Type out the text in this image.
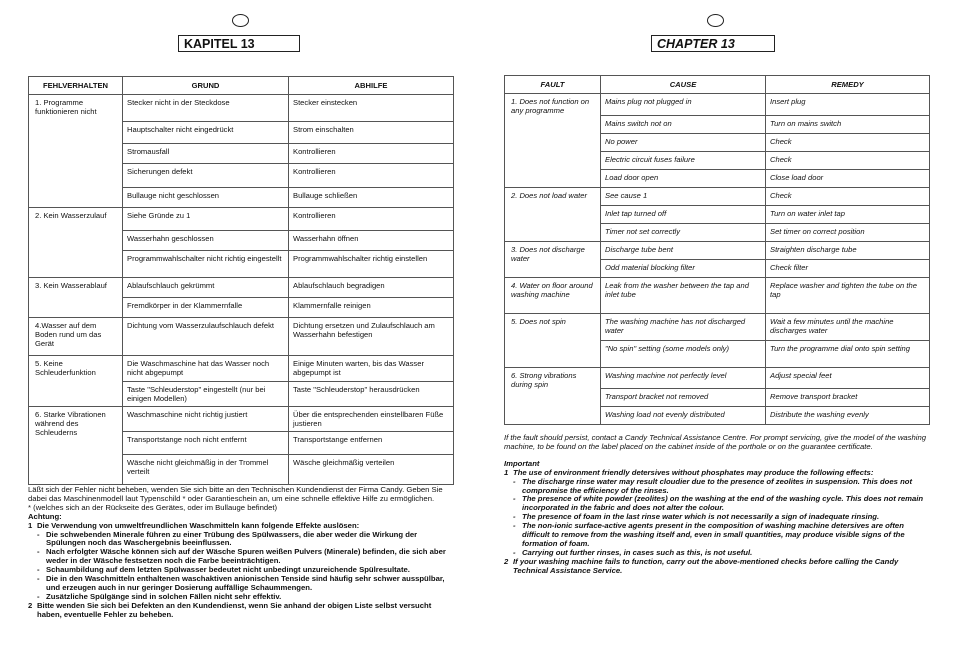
KAPITEL 13
FEHLVERHALTEN	GRUND	ABHILFE
1. Programme funktionieren nicht	Stecker nicht in der Steckdose	Stecker einstecken
	Hauptschalter nicht eingedrückt	Strom einschalten
	Stromausfall	Kontrollieren
	Sicherungen defekt	Kontrollieren
	Bullauge nicht geschlossen	Bullauge schließen
2. Kein Wasserzulauf	Siehe Gründe zu 1	Kontrollieren
	Wasserhahn geschlossen	Wasserhahn öffnen
	Programmwahlschalter nicht richtig eingestellt	Programmwahlschalter richtig einstellen
3. Kein Wasserablauf	Ablaufschlauch gekrümmt	Ablaufschlauch begradigen
	Fremdkörper in der Klammernfalle	Klammernfalle reinigen
4.Wasser auf dem Boden rund um das Gerät	Dichtung vom Wasserzulaufschlauch defekt	Dichtung ersetzen und Zulaufschlauch am Wasserhahn befestigen
5. Keine Schleuderfunktion	Die Waschmaschine hat das Wasser noch nicht abgepumpt	Einige Minuten warten, bis das Wasser abgepumpt ist
	Taste "Schleuderstop" eingestellt (nur bei einigen Modellen)	Taste "Schleuderstop" herausdrücken
6. Starke Vibrationen während des Schleuderns	Waschmaschine nicht richtig justiert	Über die entsprechenden einstellbaren Füße justieren
	Transportstange noch nicht entfernt	Transportstange entfernen
	Wäsche nicht gleichmäßig in der Trommel verteilt	Wäsche gleichmäßig verteilen

Läßt sich der Fehler nicht beheben, wenden Sie sich bitte an den Technischen Kundendienst der Firma Candy. Geben Sie dabei das Maschinenmodell laut Typenschild * oder Garantieschein an, um eine schnelle effektive Hilfe zu ermöglichen.

* (welches sich an der Rückseite des Gerätes, oder im Bullauge befindet)

Achtung:

1 Die Verwendung von umweltfreundlichen Waschmitteln kann folgende Effekte auslösen:
- Die schwebenden Minerale führen zu einer Trübung des Spülwassers, die aber weder die Wirkung der Spülungen noch das Waschergebnis beeinflussen.
- Nach erfolgter Wäsche können sich auf der Wäsche Spuren weißen Pulvers (Minerale) befinden, die sich aber weder in der Wäsche festsetzen noch die Farbe beeinträchtigen.
- Schaumbildung auf dem letzten Spülwasser bedeutet nicht unbedingt unzureichende Spülresultate.
- Die in den Waschmitteln enthaltenen waschaktiven anionischen Tenside sind häufig sehr schwer ausspülbar, und erzeugen auch in nur geringer Dosierung auffällige Schaummengen.
- Zusätzliche Spülgänge sind in solchen Fällen nicht sehr effektiv.
2 Bitte wenden Sie sich bei Defekten an den Kundendienst, wenn Sie anhand der obigen Liste selbst versucht haben, eventuelle Fehler zu beheben.
CHAPTER 13
FAULT	CAUSE	REMEDY
1. Does not function on any programme	Mains plug not plugged in	Insert plug
	Mains switch not on	Turn on mains switch
	No power	Check
	Electric circuit fuses failure	Check
	Load door open	Close load door
2. Does not load water	See cause 1	Check
	Inlet tap turned off	Turn on water inlet tap
	Timer not set correctly	Set timer on correct position
3. Does not discharge water	Discharge tube bent	Straighten discharge tube
	Odd material blocking filter	Check filter
4. Water on floor around washing machine	Leak from the washer between the tap and inlet tube	Replace washer and tighten the tube on the tap
5. Does not spin	The washing machine has not discharged water	Wait a few minutes until the machine discharges water
	"No spin" setting (some models only)	Turn the programme dial onto spin setting
6. Strong vibrations during spin	Washing machine not perfectly level	Adjust special feet
	Transport bracket not removed	Remove transport bracket
	Washing load not evenly distributed	Distribute the washing evenly

If the fault should persist, contact a Candy Technical Assistance Centre. For prompt servicing, give the model of the washing machine, to be found on the label placed on the cabinet inside of the porthole or on the guarantee certificate.

Important

1 The use of environment friendly detersives without phosphates may produce the following effects:
- The discharge rinse water may result cloudier due to the presence of zeolites in suspension. This does not compromise the efficiency of the rinses.
- The presence of white powder (zeolites) on the washing at the end of the washing cycle. This does not remain incorporated in the fabric and does not alter the colour.
- The presence of foam in the last rinse water which is not necessarily a sign of inadequate rinsing.
- The non-ionic surface-active agents present in the composition of washing machine detersives are often difficult to remove from the washing itself and, even in small quantities, may produce visible signs of the formation of foam.
- Carrying out further rinses, in cases such as this, is not useful.
2 If your washing machine fails to function, carry out the above-mentioned checks before calling the Candy Technical Assistance Service.
